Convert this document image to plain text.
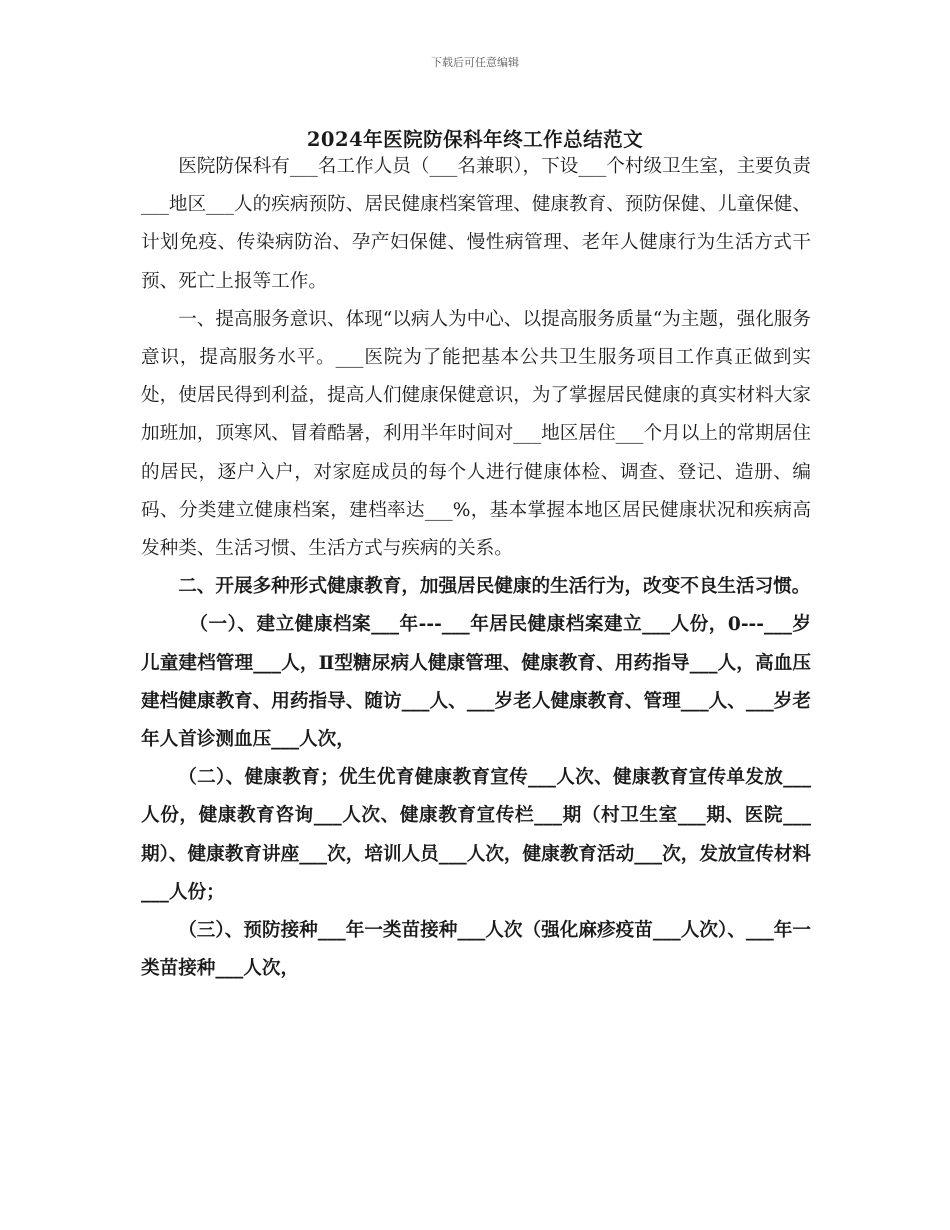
下载后可任意编辑
2024年医院防保科年终工作总结范文

医院防保科有___名工作人员（___名兼职），下设___个村级卫生室，主要负责___地区___人的疾病预防、居民健康档案管理、健康教育、预防保健、儿童保健、计划免疫、传染病防治、孕产妇保健、慢性病管理、老年人健康行为生活方式干预、死亡上报等工作。

一、提高服务意识、体现“以病人为中心、以提高服务质量“为主题，强化服务意识，提高服务水平。___医院为了能把基本公共卫生服务项目工作真正做到实处，使居民得到利益，提高人们健康保健意识，为了掌握居民健康的真实材料大家加班加，顶寒风、冒着酷暑，利用半年时间对___地区居住___个月以上的常期居住的居民，逐户入户，对家庭成员的每个人进行健康体检、调查、登记、造册、编码、分类建立健康档案，建档率达___%，基本掌握本地区居民健康状况和疾病高发种类、生活习惯、生活方式与疾病的关系。

二、开展多种形式健康教育，加强居民健康的生活行为，改变不良生活习惯。

（一）、建立健康档案___年---___年居民健康档案建立___人份，0---___岁儿童建档管理___人，Ⅱ型糖尿病人健康管理、健康教育、用药指导___人，高血压建档健康教育、用药指导、随访___人、___岁老人健康教育、管理___人、___岁老年人首诊测血压___人次，

（二）、健康教育；优生优育健康教育宣传___人次、健康教育宣传单发放___人份，健康教育咨询___人次、健康教育宣传栏___期（村卫生室___期、医院___期）、健康教育讲座___次，培训人员___人次，健康教育活动___次，发放宣传材料___人份；

（三）、预防接种___年一类苗接种___人次（强化麻疹疫苗___人次）、___年一类苗接种___人次，
